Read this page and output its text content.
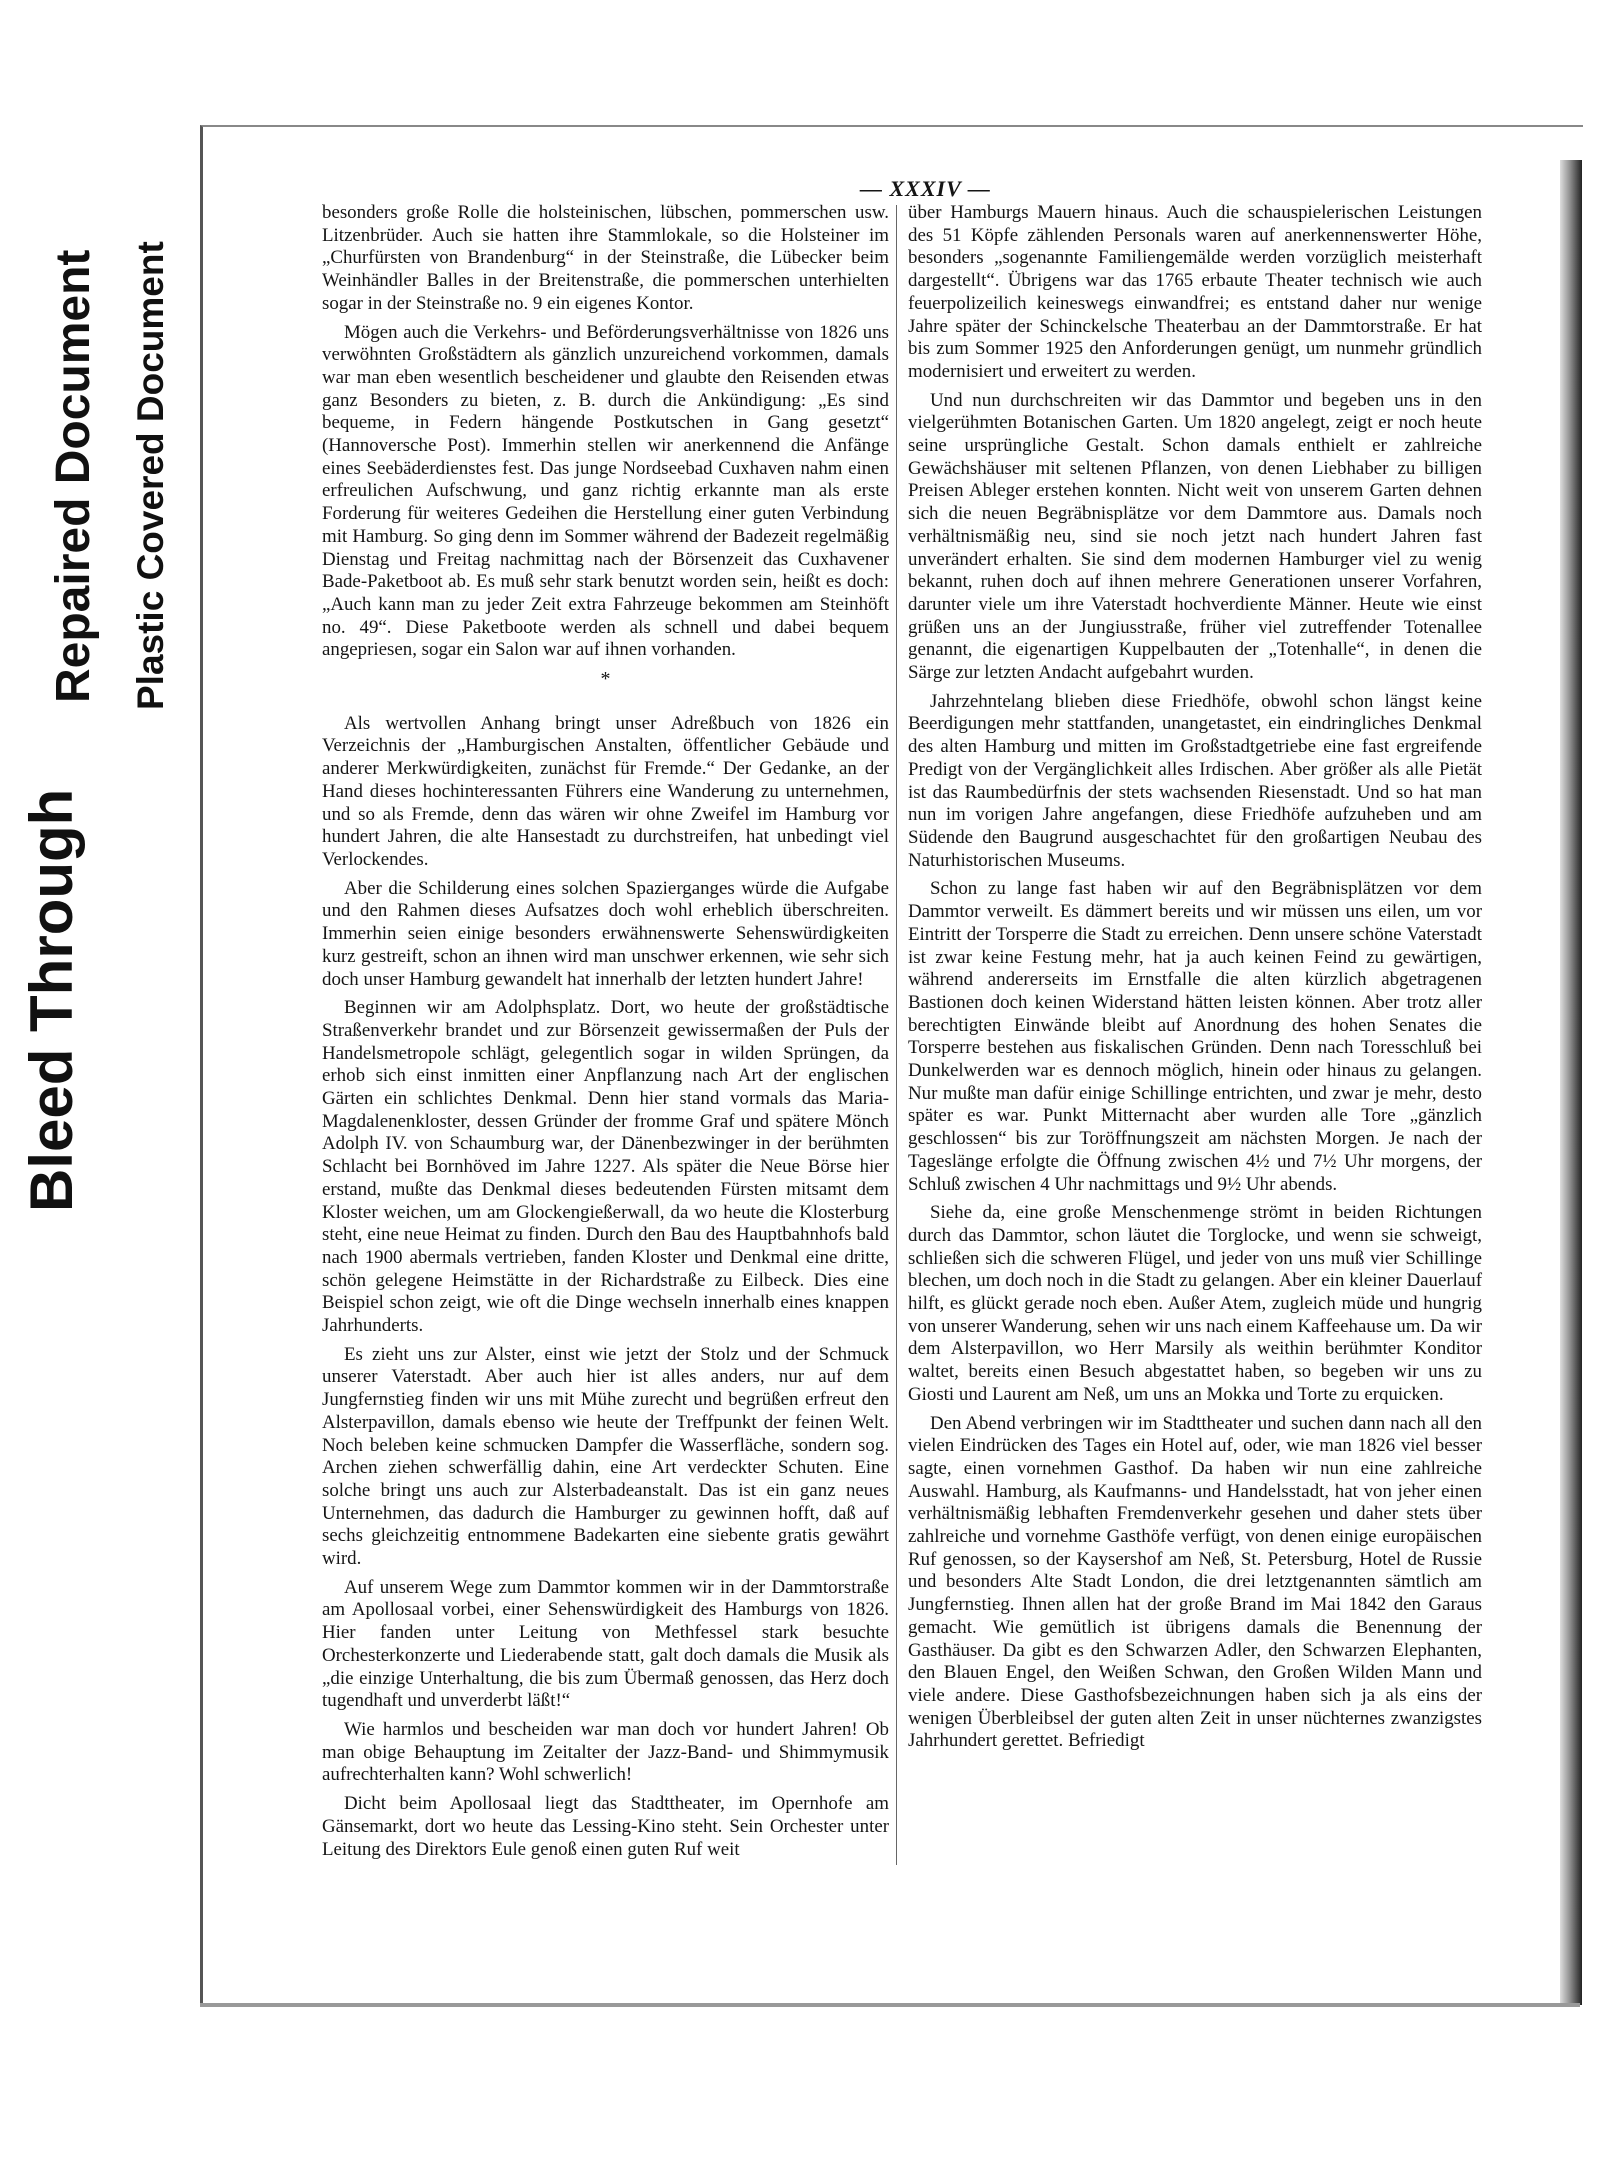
Bleed Through
Repaired Document Plastic Covered Document
— XXXIV —

besonders große Rolle die holsteinischen, lübschen, pommerschen usw. Litzenbrüder. Auch sie hatten ihre Stammlokale, so die Holsteiner im „Churfürsten von Brandenburg“ in der Steinstraße, die Lübecker beim Weinhändler Balles in der Breitenstraße, die pommerschen unterhielten sogar in der Steinstraße no. 9 ein eigenes Kontor.

Mögen auch die Verkehrs- und Beförderungsverhältnisse von 1826 uns verwöhnten Großstädtern als gänzlich unzureichend vorkommen, damals war man eben wesentlich bescheidener und glaubte den Reisenden etwas ganz Besonders zu bieten, z. B. durch die Ankündigung: „Es sind bequeme, in Federn hängende Postkutschen in Gang gesetzt“ (Hannoversche Post). Immerhin stellen wir anerkennend die Anfänge eines Seebäderdienstes fest. Das junge Nordseebad Cuxhaven nahm einen erfreulichen Aufschwung, und ganz richtig erkannte man als erste Forderung für weiteres Gedeihen die Herstellung einer guten Verbindung mit Hamburg. So ging denn im Sommer während der Badezeit regelmäßig Dienstag und Freitag nachmittag nach der Börsenzeit das Cuxhavener Bade-Paketboot ab. Es muß sehr stark benutzt worden sein, heißt es doch: „Auch kann man zu jeder Zeit extra Fahrzeuge bekommen am Steinhöft no. 49“. Diese Paketboote werden als schnell und dabei bequem angepriesen, sogar ein Salon war auf ihnen vorhanden.

*

Als wertvollen Anhang bringt unser Adreßbuch von 1826 ein Verzeichnis der „Hamburgischen Anstalten, öffentlicher Gebäude und anderer Merkwürdigkeiten, zunächst für Fremde.“ Der Gedanke, an der Hand dieses hochinteressanten Führers eine Wanderung zu unternehmen, und so als Fremde, denn das wären wir ohne Zweifel im Hamburg vor hundert Jahren, die alte Hansestadt zu durchstreifen, hat unbedingt viel Verlockendes.

Aber die Schilderung eines solchen Spazierganges würde die Aufgabe und den Rahmen dieses Aufsatzes doch wohl erheblich überschreiten. Immerhin seien einige besonders erwähnenswerte Sehenswürdigkeiten kurz gestreift, schon an ihnen wird man unschwer erkennen, wie sehr sich doch unser Hamburg gewandelt hat innerhalb der letzten hundert Jahre!

Beginnen wir am Adolphsplatz. Dort, wo heute der großstädtische Straßenverkehr brandet und zur Börsenzeit gewissermaßen der Puls der Handelsmetropole schlägt, gelegentlich sogar in wilden Sprüngen, da erhob sich einst inmitten einer Anpflanzung nach Art der englischen Gärten ein schlichtes Denkmal. Denn hier stand vormals das Maria-Magdalenenkloster, dessen Gründer der fromme Graf und spätere Mönch Adolph IV. von Schaumburg war, der Dänenbezwinger in der berühmten Schlacht bei Bornhöved im Jahre 1227. Als später die Neue Börse hier erstand, mußte das Denkmal dieses bedeutenden Fürsten mitsamt dem Kloster weichen, um am Glockengießerwall, da wo heute die Klosterburg steht, eine neue Heimat zu finden. Durch den Bau des Hauptbahnhofs bald nach 1900 abermals vertrieben, fanden Kloster und Denkmal eine dritte, schön gelegene Heimstätte in der Richardstraße zu Eilbeck. Dies eine Beispiel schon zeigt, wie oft die Dinge wechseln innerhalb eines knappen Jahrhunderts.

Es zieht uns zur Alster, einst wie jetzt der Stolz und der Schmuck unserer Vaterstadt. Aber auch hier ist alles anders, nur auf dem Jungfernstieg finden wir uns mit Mühe zurecht und begrüßen erfreut den Alsterpavillon, damals ebenso wie heute der Treffpunkt der feinen Welt. Noch beleben keine schmucken Dampfer die Wasserfläche, sondern sog. Archen ziehen schwerfällig dahin, eine Art verdeckter Schuten. Eine solche bringt uns auch zur Alsterbadeanstalt. Das ist ein ganz neues Unternehmen, das dadurch die Hamburger zu gewinnen hofft, daß auf sechs gleichzeitig entnommene Badekarten eine siebente gratis gewährt wird.

Auf unserem Wege zum Dammtor kommen wir in der Dammtorstraße am Apollosaal vorbei, einer Sehenswürdigkeit des Hamburgs von 1826. Hier fanden unter Leitung von Methfessel stark besuchte Orchesterkonzerte und Liederabende statt, galt doch damals die Musik als „die einzige Unterhaltung, die bis zum Übermaß genossen, das Herz doch tugendhaft und unverderbt läßt!“

Wie harmlos und bescheiden war man doch vor hundert Jahren! Ob man obige Behauptung im Zeitalter der Jazz-Band- und Shimmymusik aufrechterhalten kann? Wohl schwerlich!

Dicht beim Apollosaal liegt das Stadttheater, im Opernhofe am Gänsemarkt, dort wo heute das Lessing-Kino steht. Sein Orchester unter Leitung des Direktors Eule genoß einen guten Ruf weit

über Hamburgs Mauern hinaus. Auch die schauspielerischen Leistungen des 51 Köpfe zählenden Personals waren auf anerkennenswerter Höhe, besonders „sogenannte Familiengemälde werden vorzüglich meisterhaft dargestellt“. Übrigens war das 1765 erbaute Theater technisch wie auch feuerpolizeilich keineswegs einwandfrei; es entstand daher nur wenige Jahre später der Schinckelsche Theaterbau an der Dammtorstraße. Er hat bis zum Sommer 1925 den Anforderungen genügt, um nunmehr gründlich modernisiert und erweitert zu werden.

Und nun durchschreiten wir das Dammtor und begeben uns in den vielgerühmten Botanischen Garten. Um 1820 angelegt, zeigt er noch heute seine ursprüngliche Gestalt. Schon damals enthielt er zahlreiche Gewächshäuser mit seltenen Pflanzen, von denen Liebhaber zu billigen Preisen Ableger erstehen konnten. Nicht weit von unserem Garten dehnen sich die neuen Begräbnisplätze vor dem Dammtore aus. Damals noch verhältnismäßig neu, sind sie noch jetzt nach hundert Jahren fast unverändert erhalten. Sie sind dem modernen Hamburger viel zu wenig bekannt, ruhen doch auf ihnen mehrere Generationen unserer Vorfahren, darunter viele um ihre Vaterstadt hochverdiente Männer. Heute wie einst grüßen uns an der Jungiusstraße, früher viel zutreffender Totenallee genannt, die eigenartigen Kuppelbauten der „Totenhalle“, in denen die Särge zur letzten Andacht aufgebahrt wurden.

Jahrzehntelang blieben diese Friedhöfe, obwohl schon längst keine Beerdigungen mehr stattfanden, unangetastet, ein eindringliches Denkmal des alten Hamburg und mitten im Großstadtgetriebe eine fast ergreifende Predigt von der Vergänglichkeit alles Irdischen. Aber größer als alle Pietät ist das Raumbedürfnis der stets wachsenden Riesenstadt. Und so hat man nun im vorigen Jahre angefangen, diese Friedhöfe aufzuheben und am Südende den Baugrund ausgeschachtet für den großartigen Neubau des Naturhistorischen Museums.

Schon zu lange fast haben wir auf den Begräbnisplätzen vor dem Dammtor verweilt. Es dämmert bereits und wir müssen uns eilen, um vor Eintritt der Torsperre die Stadt zu erreichen. Denn unsere schöne Vaterstadt ist zwar keine Festung mehr, hat ja auch keinen Feind zu gewärtigen, während andererseits im Ernstfalle die alten kürzlich abgetragenen Bastionen doch keinen Widerstand hätten leisten können. Aber trotz aller berechtigten Einwände bleibt auf Anordnung des hohen Senates die Torsperre bestehen aus fiskalischen Gründen. Denn nach Toresschluß bei Dunkelwerden war es dennoch möglich, hinein oder hinaus zu gelangen. Nur mußte man dafür einige Schillinge entrichten, und zwar je mehr, desto später es war. Punkt Mitternacht aber wurden alle Tore „gänzlich geschlossen“ bis zur Toröffnungszeit am nächsten Morgen. Je nach der Tageslänge erfolgte die Öffnung zwischen 4½ und 7½ Uhr morgens, der Schluß zwischen 4 Uhr nachmittags und 9½ Uhr abends.

Siehe da, eine große Menschenmenge strömt in beiden Richtungen durch das Dammtor, schon läutet die Torglocke, und wenn sie schweigt, schließen sich die schweren Flügel, und jeder von uns muß vier Schillinge blechen, um doch noch in die Stadt zu gelangen. Aber ein kleiner Dauerlauf hilft, es glückt gerade noch eben. Außer Atem, zugleich müde und hungrig von unserer Wanderung, sehen wir uns nach einem Kaffeehause um. Da wir dem Alsterpavillon, wo Herr Marsily als weithin berühmter Konditor waltet, bereits einen Besuch abgestattet haben, so begeben wir uns zu Giosti und Laurent am Neß, um uns an Mokka und Torte zu erquicken.

Den Abend verbringen wir im Stadttheater und suchen dann nach all den vielen Eindrücken des Tages ein Hotel auf, oder, wie man 1826 viel besser sagte, einen vornehmen Gasthof. Da haben wir nun eine zahlreiche Auswahl. Hamburg, als Kaufmanns- und Handelsstadt, hat von jeher einen verhältnismäßig lebhaften Fremdenverkehr gesehen und daher stets über zahlreiche und vornehme Gasthöfe verfügt, von denen einige europäischen Ruf genossen, so der Kaysershof am Neß, St. Petersburg, Hotel de Russie und besonders Alte Stadt London, die drei letztgenannten sämtlich am Jungfernstieg. Ihnen allen hat der große Brand im Mai 1842 den Garaus gemacht. Wie gemütlich ist übrigens damals die Benennung der Gasthäuser. Da gibt es den Schwarzen Adler, den Schwarzen Elephanten, den Blauen Engel, den Weißen Schwan, den Großen Wilden Mann und viele andere. Diese Gasthofsbezeichnungen haben sich ja als eins der wenigen Überbleibsel der guten alten Zeit in unser nüchternes zwanzigstes Jahrhundert gerettet. Befriedigt
